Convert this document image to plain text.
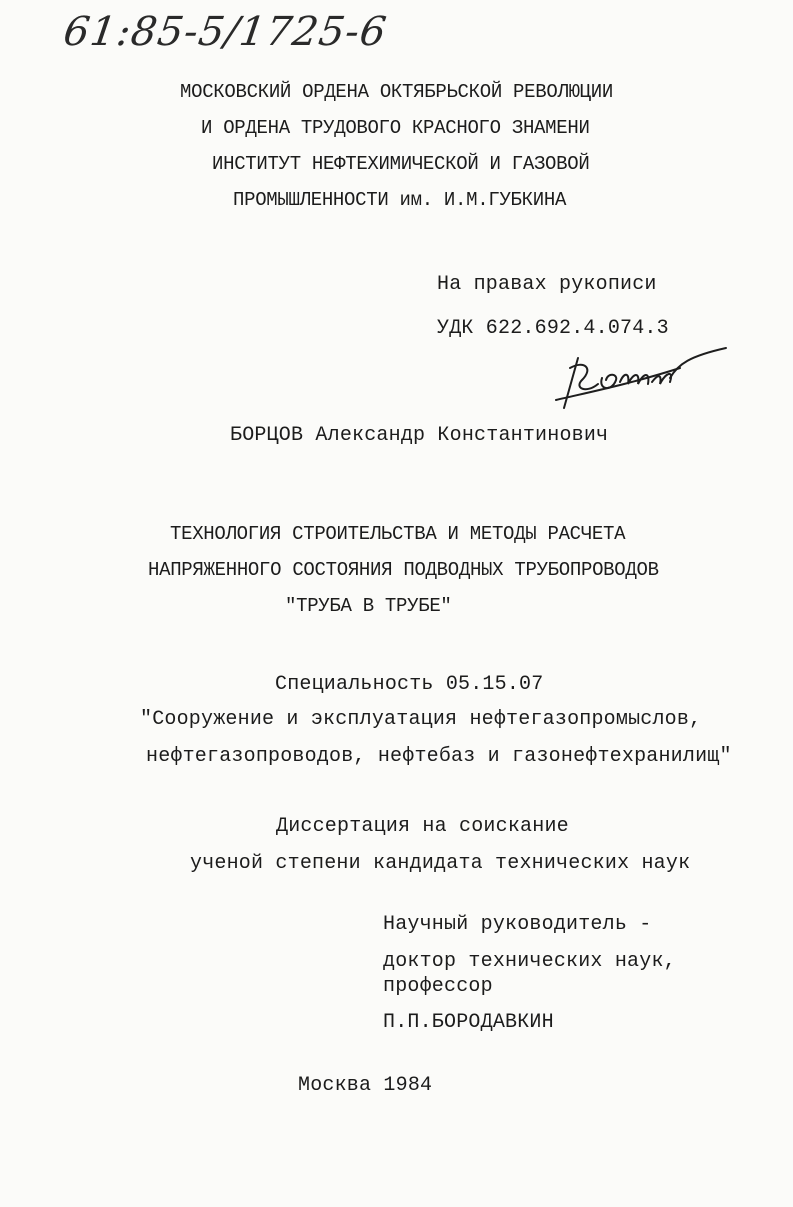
61:85-5/1725-6
МОСКОВСКИЙ ОРДЕНА ОКТЯБРЬСКОЙ РЕВОЛЮЦИИ
И ОРДЕНА ТРУДОВОГО КРАСНОГО ЗНАМЕНИ
ИНСТИТУТ НЕФТЕХИМИЧЕСКОЙ И ГАЗОВОЙ
ПРОМЫШЛЕННОСТИ им. И.М.ГУБКИНА
На правах рукописи
УДК 622.692.4.074.3
БОРЦОВ Александр Константинович
ТЕХНОЛОГИЯ СТРОИТЕЛЬСТВА И МЕТОДЫ РАСЧЕТА
НАПРЯЖЕННОГО СОСТОЯНИЯ ПОДВОДНЫХ ТРУБОПРОВОДОВ
"ТРУБА В ТРУБЕ"
Специальность 05.15.07
"Сооружение и эксплуатация нефтегазопромыслов,
нефтегазопроводов, нефтебаз и газонефтехранилищ"
Диссертация на соискание
ученой степени кандидата технических наук
Научный руководитель -
доктор технических наук,
профессор
П.П.БОРОДАВКИН
Москва 1984
